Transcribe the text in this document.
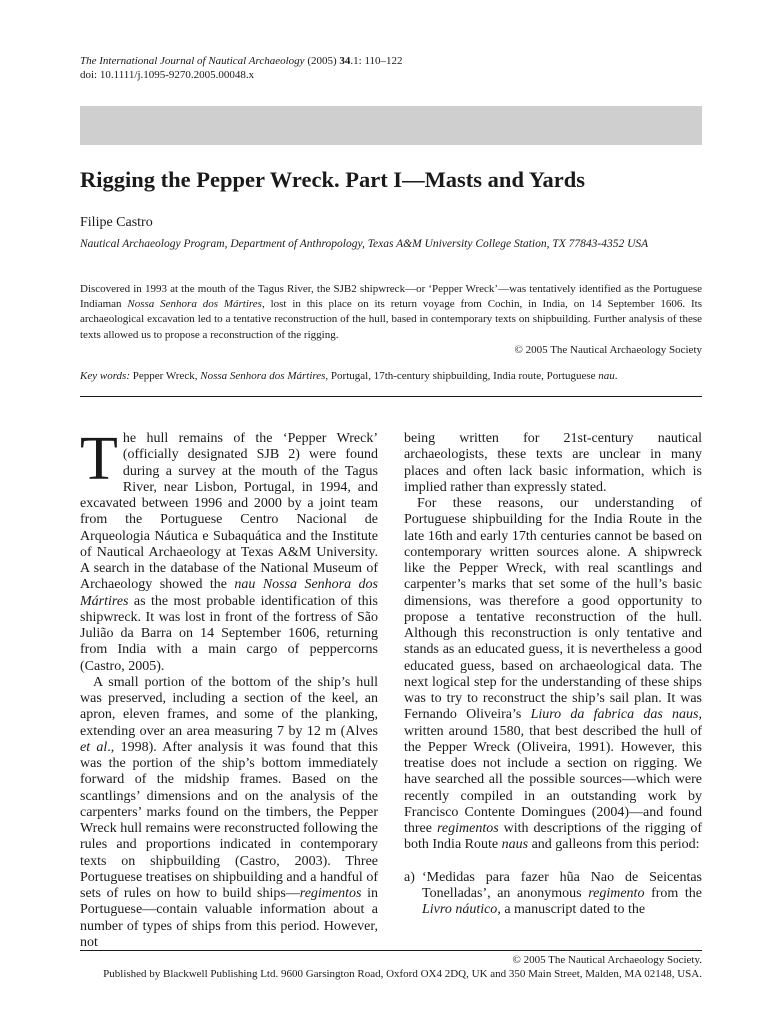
The International Journal of Nautical Archaeology (2005) 34.1: 110–122
doi: 10.1111/j.1095-9270.2005.00048.x
Rigging the Pepper Wreck. Part I—Masts and Yards
Filipe Castro
Nautical Archaeology Program, Department of Anthropology, Texas A&M University College Station, TX 77843-4352 USA
Discovered in 1993 at the mouth of the Tagus River, the SJB2 shipwreck—or ‘Pepper Wreck’—was tentatively identified as the Portuguese Indiaman Nossa Senhora dos Mártires, lost in this place on its return voyage from Cochin, in India, on 14 September 1606. Its archaeological excavation led to a tentative reconstruction of the hull, based in contemporary texts on shipbuilding. Further analysis of these texts allowed us to propose a reconstruction of the rigging.
© 2005 The Nautical Archaeology Society
Key words: Pepper Wreck, Nossa Senhora dos Mártires, Portugal, 17th-century shipbuilding, India route, Portuguese nau.

The hull remains of the ‘Pepper Wreck’ (officially designated SJB 2) were found during a survey at the mouth of the Tagus River, near Lisbon, Portugal, in 1994, and excavated between 1996 and 2000 by a joint team from the Portuguese Centro Nacional de Arqueologia Náutica e Subaquática and the Institute of Nautical Archaeology at Texas A&M University. A search in the database of the National Museum of Archaeology showed the nau Nossa Senhora dos Mártires as the most probable identification of this shipwreck. It was lost in front of the fortress of São Julião da Barra on 14 September 1606, returning from India with a main cargo of peppercorns (Castro, 2005).

A small portion of the bottom of the ship’s hull was preserved, including a section of the keel, an apron, eleven frames, and some of the planking, extending over an area measuring 7 by 12 m (Alves et al., 1998). After analysis it was found that this was the portion of the ship’s bottom immediately forward of the midship frames. Based on the scantlings’ dimensions and on the analysis of the carpenters’ marks found on the timbers, the Pepper Wreck hull remains were reconstructed following the rules and proportions indicated in contemporary texts on shipbuilding (Castro, 2003). Three Portuguese treatises on shipbuilding and a handful of sets of rules on how to build ships—regimentos in Portuguese—contain valuable information about a number of types of ships from this period. However, not

being written for 21st-century nautical archaeologists, these texts are unclear in many places and often lack basic information, which is implied rather than expressly stated.

For these reasons, our understanding of Portuguese shipbuilding for the India Route in the late 16th and early 17th centuries cannot be based on contemporary written sources alone. A shipwreck like the Pepper Wreck, with real scantlings and carpenter’s marks that set some of the hull’s basic dimensions, was therefore a good opportunity to propose a tentative reconstruction of the hull. Although this reconstruction is only tentative and stands as an educated guess, it is nevertheless a good educated guess, based on archaeological data. The next logical step for the understanding of these ships was to try to reconstruct the ship’s sail plan. It was Fernando Oliveira’s Liuro da fabrica das naus, written around 1580, that best described the hull of the Pepper Wreck (Oliveira, 1991). However, this treatise does not include a section on rigging. We have searched all the possible sources—which were recently compiled in an outstanding work by Francisco Contente Domingues (2004)—and found three regimentos with descriptions of the rigging of both India Route naus and galleons from this period:

a) ‘Medidas para fazer hũa Nao de Seicentas Tonelladas’, an anonymous regimento from the Livro náutico, a manuscript dated to the
© 2005 The Nautical Archaeology Society.
Published by Blackwell Publishing Ltd. 9600 Garsington Road, Oxford OX4 2DQ, UK and 350 Main Street, Malden, MA 02148, USA.
